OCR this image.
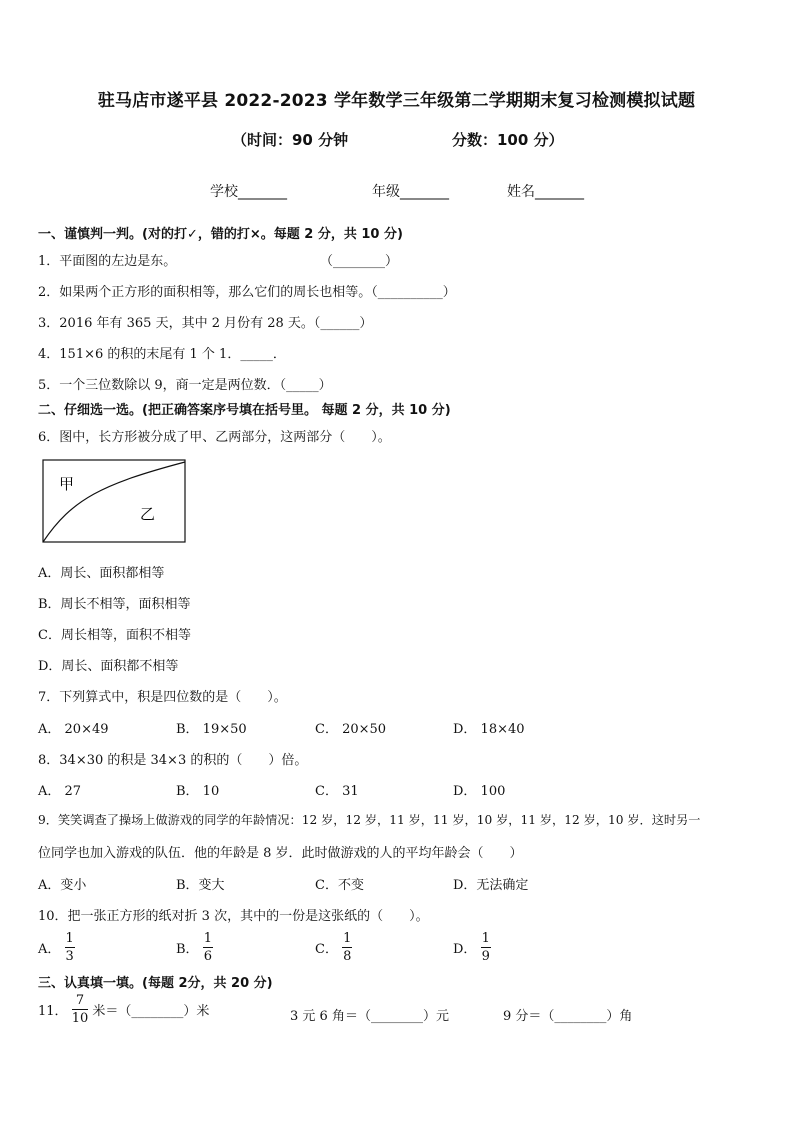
驻马店市遂平县 2022-2023 学年数学三年级第二学期期末复习检测模拟试题
（时间：90 分钟	分数：100 分）
学校_______	年级_______	姓名_______
一、谨慎判一判。(对的打✓，错的打×。每题 2 分，共 10 分)
1．平面图的左边是东。	（________）
2．如果两个正方形的面积相等，那么它们的周长也相等。（__________）
3．2016 年有 365 天，其中 2 月份有 28 天。（______）
4．151×6 的积的末尾有 1 个 1．_____．
5．一个三位数除以 9，商一定是两位数．（_____）
二、仔细选一选。(把正确答案序号填在括号里。 每题 2 分，共 10 分)
6．图中，长方形被分成了甲、乙两部分，这两部分（　　）。
甲
乙
A．周长、面积都相等
B．周长不相等，面积相等
C．周长相等，面积不相等
D．周长、面积都不相等
7．下列算式中，积是四位数的是（　　）。
A． 20×49	B． 19×50	C． 20×50	D． 18×40
8．34×30 的积是 34×3 的积的（　　）倍。
A． 27	B． 10	C． 31	D． 100
9．笑笑调查了操场上做游戏的同学的年龄情况：12 岁，12 岁，11 岁，11 岁，10 岁，11 岁，12 岁，10 岁．这时另一
位同学也加入游戏的队伍．他的年龄是 8 岁．此时做游戏的人的平均年龄会（　　）
A．变小	B．变大	C．不变	D．无法确定
10．把一张正方形的纸对折 3 次，其中的一份是这张纸的（　　）。
A． $\frac{1}{3}$	B． $\frac{1}{6}$	C． $\frac{1}{8}$	D． $\frac{1}{9}$
三、认真填一填。(每题 2分，共 20 分)
11． $\frac{7}{10}$ 米＝（________）米	3 元 6 角＝（________）元	9 分＝（________）角
